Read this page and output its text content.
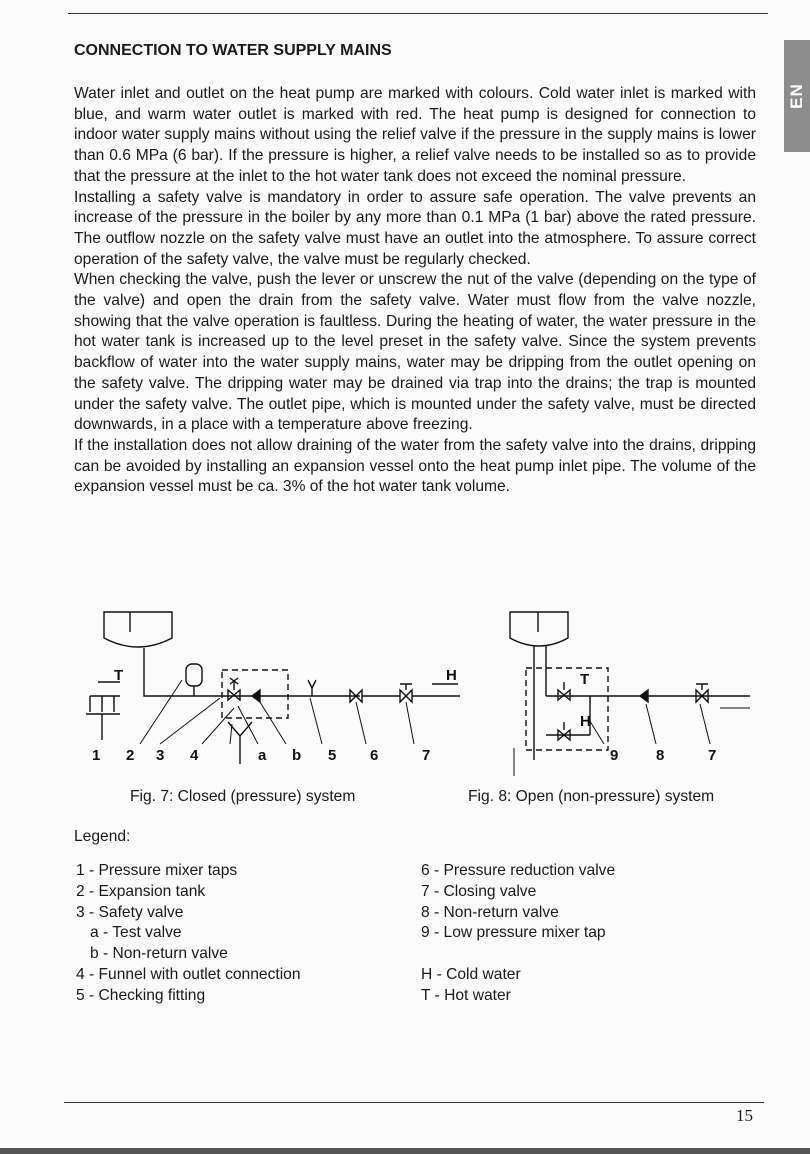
EN
CONNECTION TO WATER SUPPLY MAINS

Water inlet and outlet on the heat pump are marked with colours. Cold water inlet is marked with blue, and warm water outlet is marked with red. The heat pump is designed for connection to indoor water supply mains without using the relief valve if the pressure in the supply mains is lower than 0.6 MPa (6 bar). If the pressure is higher, a relief valve needs to be installed so as to provide that the pressure at the inlet to the hot water tank does not exceed the nominal pressure.

Installing a safety valve is mandatory in order to assure safe operation. The valve prevents an increase of the pressure in the boiler by any more than 0.1 MPa (1 bar) above the rated pressure. The outflow nozzle on the safety valve must have an outlet into the atmosphere. To assure correct operation of the safety valve, the valve must be regularly checked.

When checking the valve, push the lever or unscrew the nut of the valve (depending on the type of the valve) and open the drain from the safety valve. Water must flow from the valve nozzle, showing that the valve operation is faultless. During the heating of water, the water pressure in the hot water tank is increased up to the level preset in the safety valve. Since the system prevents backflow of water into the water supply mains, water may be dripping from the outlet opening on the safety valve. The dripping water may be drained via trap into the drains; the trap is mounted under the safety valve. The outlet pipe, which is mounted under the safety valve, must be directed downwards, in a place with a temperature above freezing.

If the installation does not allow draining of the water from the safety valve into the drains, dripping can be avoided by installing an expansion vessel onto the heat pump inlet pipe. The volume of the expansion vessel must be ca. 3% of the hot water tank volume.

T	H
1 2 3 4	a b 5 6	7
T
H
9	8	7
Fig. 7: Closed (pressure) system	Fig. 8: Open (non-pressure) system
Legend:
1 - Pressure mixer taps
2 - Expansion tank
3 - Safety valve
a - Test valve
b - Non-return valve
4 - Funnel with outlet connection
5 - Checking fitting
6 - Pressure reduction valve
7 - Closing valve
8 - Non-return valve
9 - Low pressure mixer tap
H - Cold water
T - Hot water
15
